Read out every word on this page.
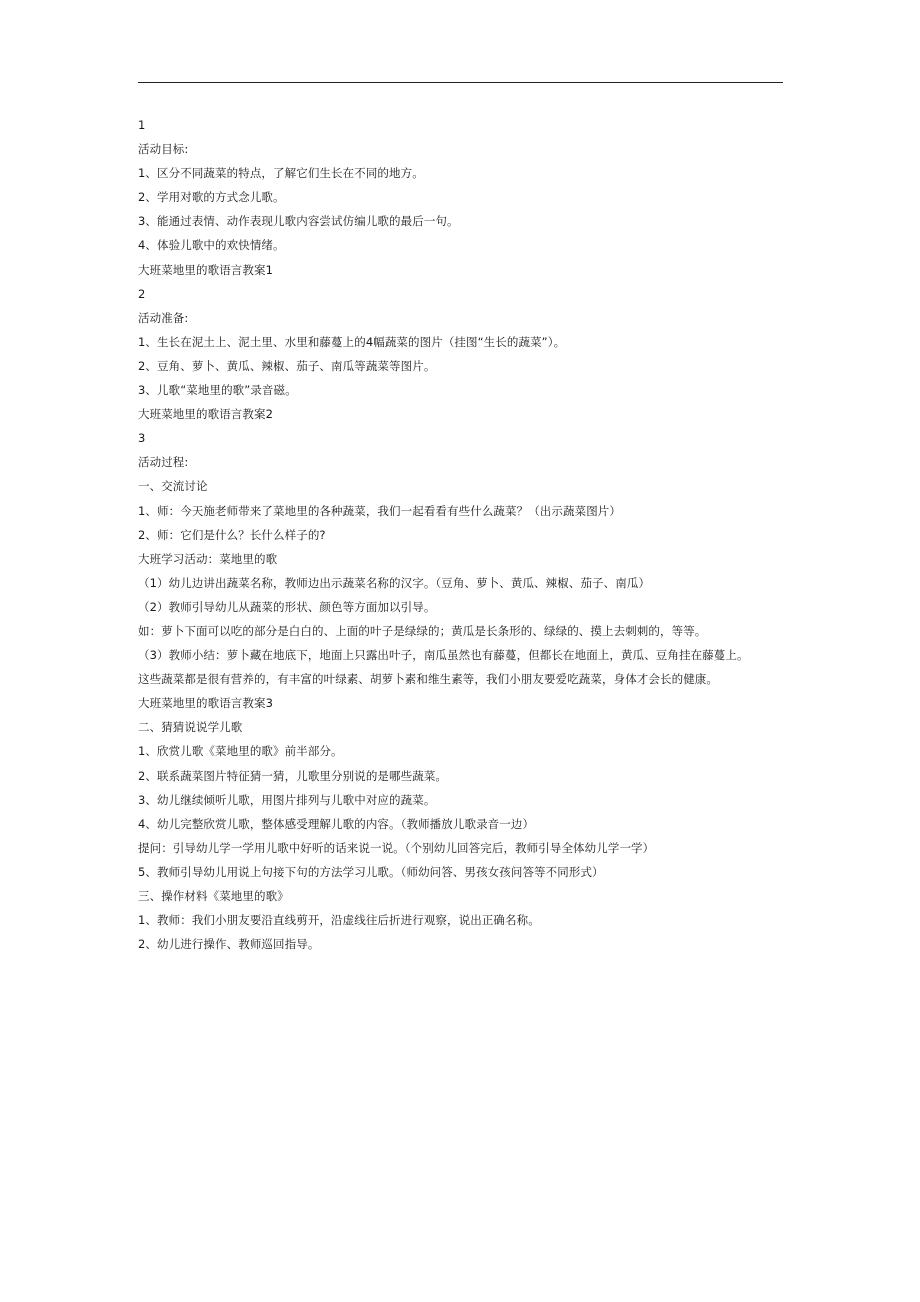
1
活动目标:
1、区分不同蔬菜的特点，了解它们生长在不同的地方。
2、学用对歌的方式念儿歌。
3、能通过表情、动作表现儿歌内容尝试仿编儿歌的最后一句。
4、体验儿歌中的欢快情绪。
大班菜地里的歌语言教案1
2
活动准备:
1、生长在泥土上、泥土里、水里和藤蔓上的4幅蔬菜的图片（挂图“生长的蔬菜”）。
2、豆角、萝卜、黄瓜、辣椒、茄子、南瓜等蔬菜等图片。
3、儿歌“菜地里的歌”录音磁。
大班菜地里的歌语言教案2
3
活动过程:
一、交流讨论
1、师：今天施老师带来了菜地里的各种蔬菜，我们一起看看有些什么蔬菜？（出示蔬菜图片）
2、师：它们是什么？长什么样子的?
大班学习活动：菜地里的歌
（1）幼儿边讲出蔬菜名称，教师边出示蔬菜名称的汉字。（豆角、萝卜、黄瓜、辣椒、茄子、南瓜）
（2）教师引导幼儿从蔬菜的形状、颜色等方面加以引导。
如：萝卜下面可以吃的部分是白白的、上面的叶子是绿绿的；黄瓜是长条形的、绿绿的、摸上去刺刺的，等等。
（3）教师小结：萝卜藏在地底下，地面上只露出叶子，南瓜虽然也有藤蔓，但都长在地面上，黄瓜、豆角挂在藤蔓上。
这些蔬菜都是很有营养的，有丰富的叶绿素、胡萝卜素和维生素等，我们小朋友要爱吃蔬菜，身体才会长的健康。
大班菜地里的歌语言教案3
二、猜猜说说学儿歌
1、欣赏儿歌《菜地里的歌》前半部分。
2、联系蔬菜图片特征猜一猜，儿歌里分别说的是哪些蔬菜。
3、幼儿继续倾听儿歌，用图片排列与儿歌中对应的蔬菜。
4、幼儿完整欣赏儿歌，整体感受理解儿歌的内容。（教师播放儿歌录音一边）
提问：引导幼儿学一学用儿歌中好听的话来说一说。（个别幼儿回答完后，教师引导全体幼儿学一学）
5、教师引导幼儿用说上句接下句的方法学习儿歌。（师幼问答、男孩女孩问答等不同形式）
三、操作材料《菜地里的歌》
1、教师：我们小朋友要沿直线剪开，沿虚线往后折进行观察，说出正确名称。
2、幼儿进行操作、教师巡回指导。
